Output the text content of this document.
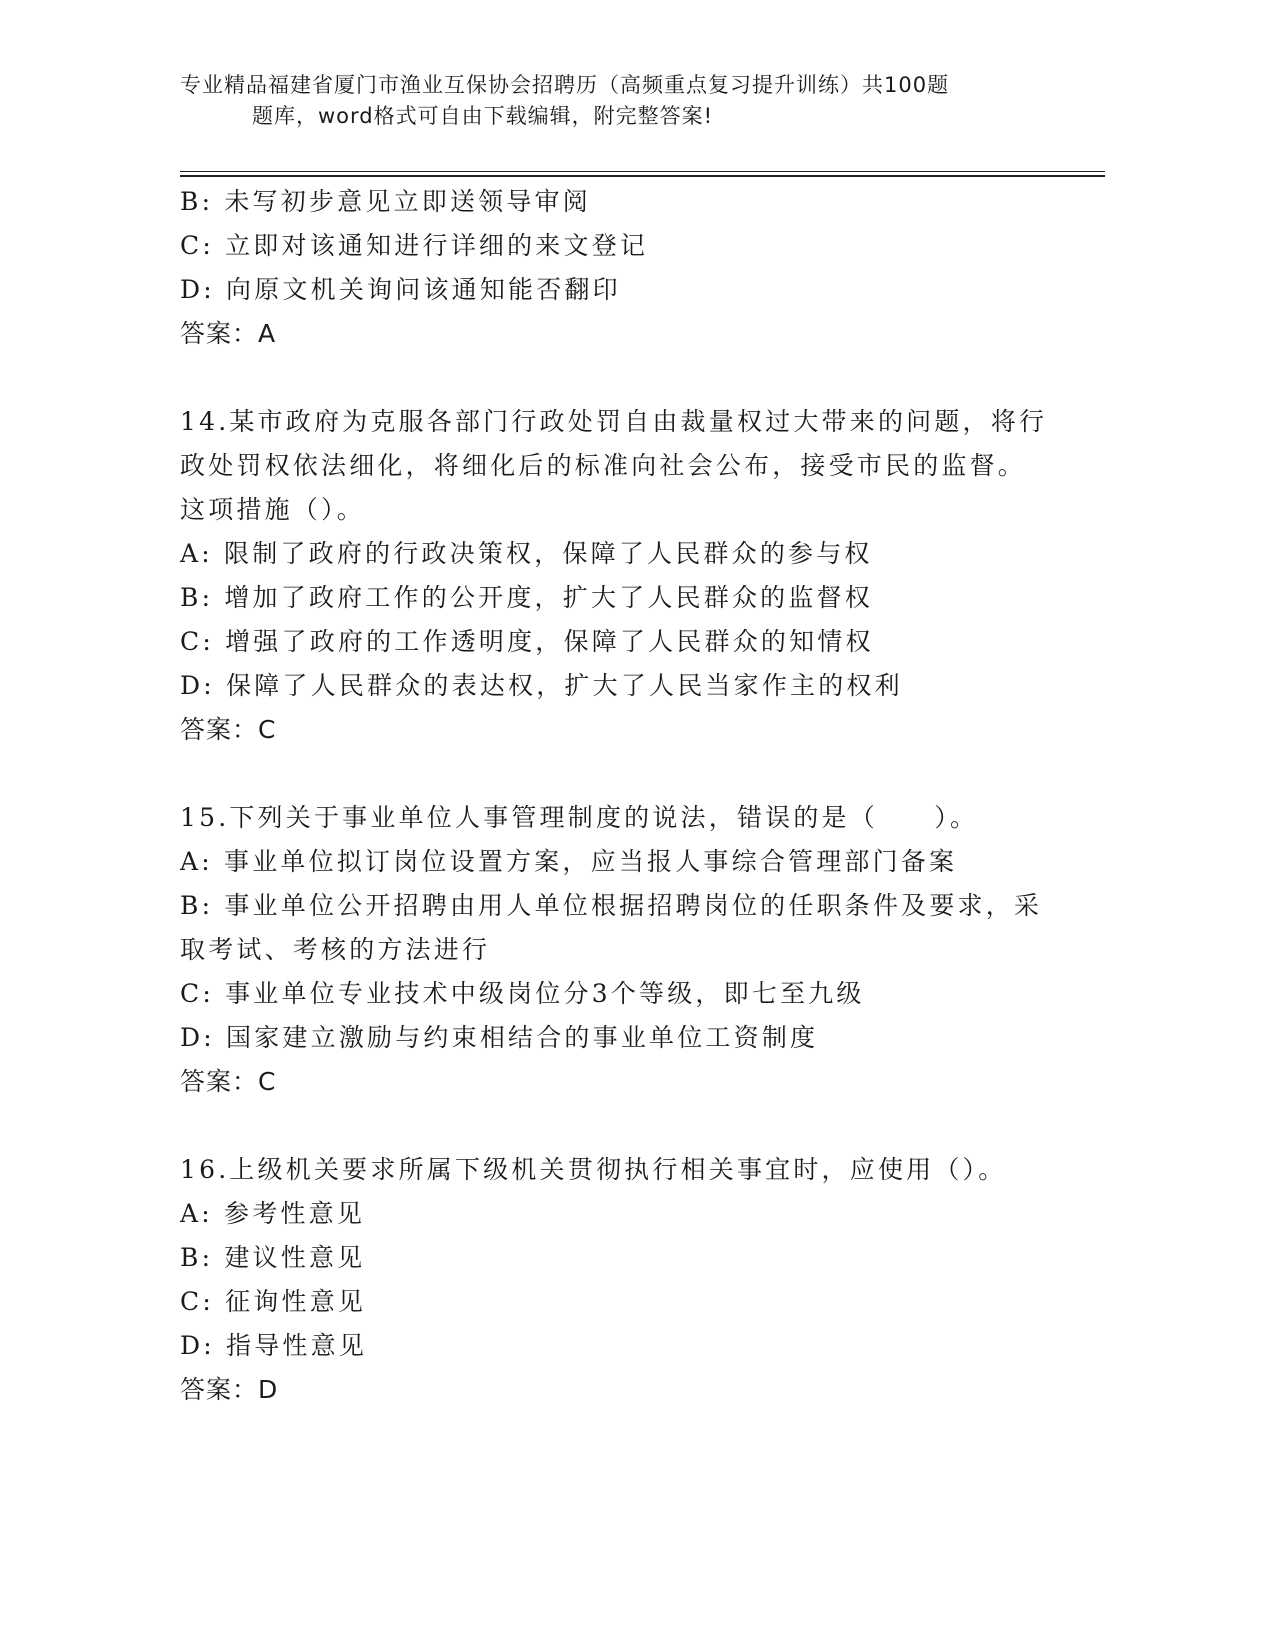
专业精品福建省厦门市渔业互保协会招聘历（高频重点复习提升训练）共100题
题库，word格式可自由下载编辑，附完整答案!
B: 未写初步意见立即送领导审阅
C: 立即对该通知进行详细的来文登记
D: 向原文机关询问该通知能否翻印
答案：A
14.某市政府为克服各部门行政处罚自由裁量权过大带来的问题，将行
政处罚权依法细化，将细化后的标准向社会公布，接受市民的监督。
这项措施（）。
A: 限制了政府的行政决策权，保障了人民群众的参与权
B: 增加了政府工作的公开度，扩大了人民群众的监督权
C: 增强了政府的工作透明度，保障了人民群众的知情权
D: 保障了人民群众的表达权，扩大了人民当家作主的权利
答案：C
15.下列关于事业单位人事管理制度的说法，错误的是（　　）。
A: 事业单位拟订岗位设置方案，应当报人事综合管理部门备案
B: 事业单位公开招聘由用人单位根据招聘岗位的任职条件及要求，采
取考试、考核的方法进行
C: 事业单位专业技术中级岗位分3个等级，即七至九级
D: 国家建立激励与约束相结合的事业单位工资制度
答案：C
16.上级机关要求所属下级机关贯彻执行相关事宜时，应使用（）。
A: 参考性意见
B: 建议性意见
C: 征询性意见
D: 指导性意见
答案：D
